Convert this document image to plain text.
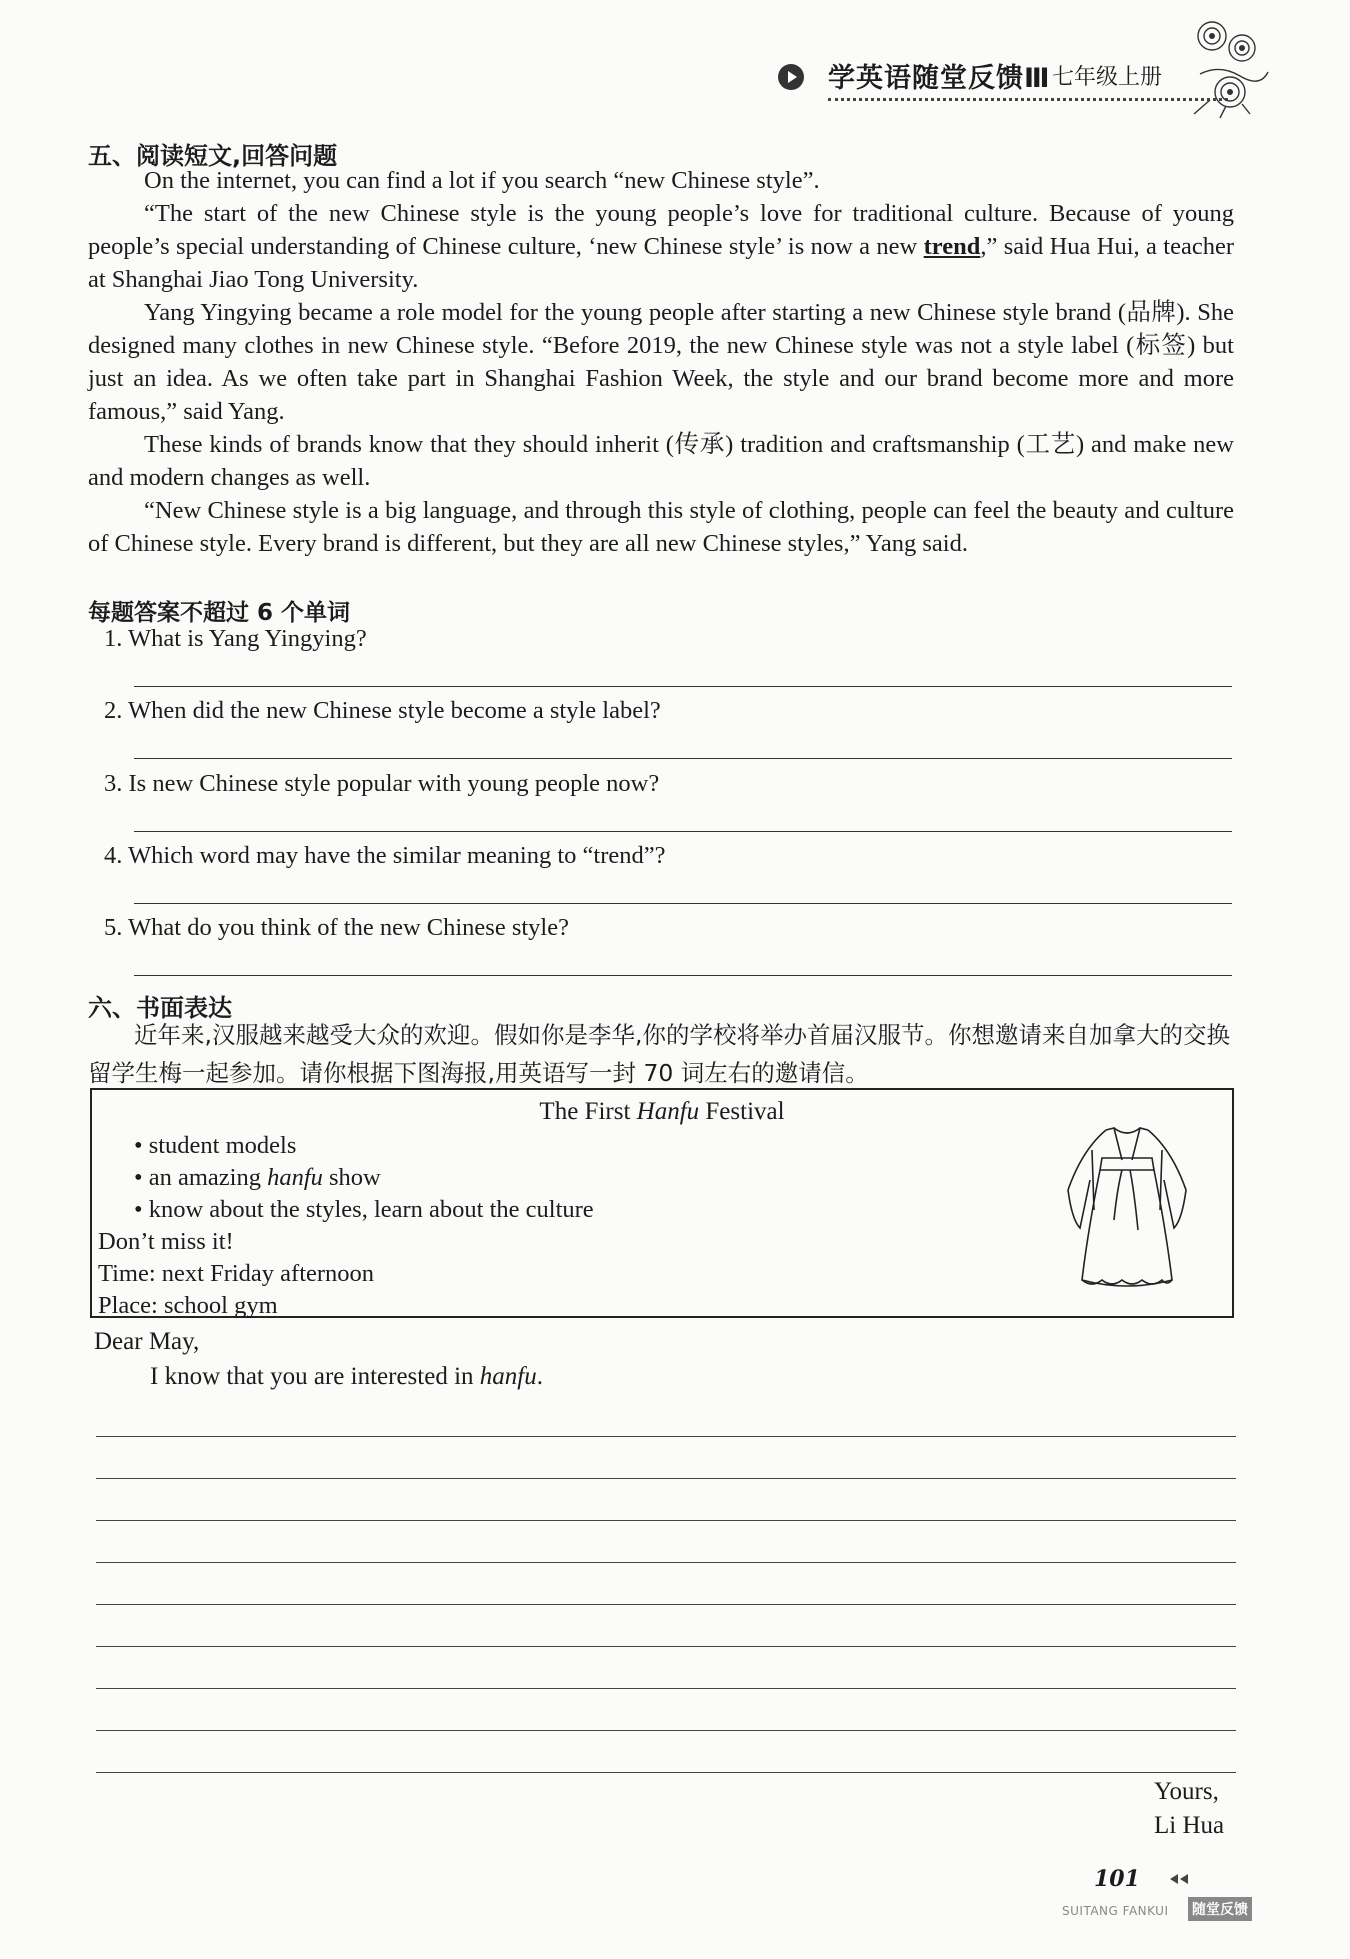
学英语随堂反馈Ⅲ 七年级上册
五、阅读短文,回答问题
On the internet, you can find a lot if you search “new Chinese style”.
“The start of the new Chinese style is the young people’s love for traditional culture. Because of young people’s special understanding of Chinese culture, ‘new Chinese style’ is now a new trend,” said Hua Hui, a teacher at Shanghai Jiao Tong University.
Yang Yingying became a role model for the young people after starting a new Chinese style brand (品牌). She designed many clothes in new Chinese style. “Before 2019, the new Chinese style was not a style label (标签) but just an idea. As we often take part in Shanghai Fashion Week, the style and our brand become more and more famous,” said Yang.
These kinds of brands know that they should inherit (传承) tradition and craftsmanship (工艺) and make new and modern changes as well.
“New Chinese style is a big language, and through this style of clothing, people can feel the beauty and culture of Chinese style. Every brand is different, but they are all new Chinese styles,” Yang said.
每题答案不超过 6 个单词
1. What is Yang Yingying?
2. When did the new Chinese style become a style label?
3. Is new Chinese style popular with young people now?
4. Which word may have the similar meaning to “trend”?
5. What do you think of the new Chinese style?
六、书面表达
近年来,汉服越来越受大众的欢迎。假如你是李华,你的学校将举办首届汉服节。你想邀请来自加拿大的交换留学生梅一起参加。请你根据下图海报,用英语写一封 70 词左右的邀请信。
The First Hanfu Festival
• student models
• an amazing hanfu show
• know about the styles, learn about the culture
Don’t miss it!
Time: next Friday afternoon
Place: school gym
Dear May,
I know that you are interested in hanfu.
Yours,
Li Hua
101
SUITANG FANKUI 随堂反馈
